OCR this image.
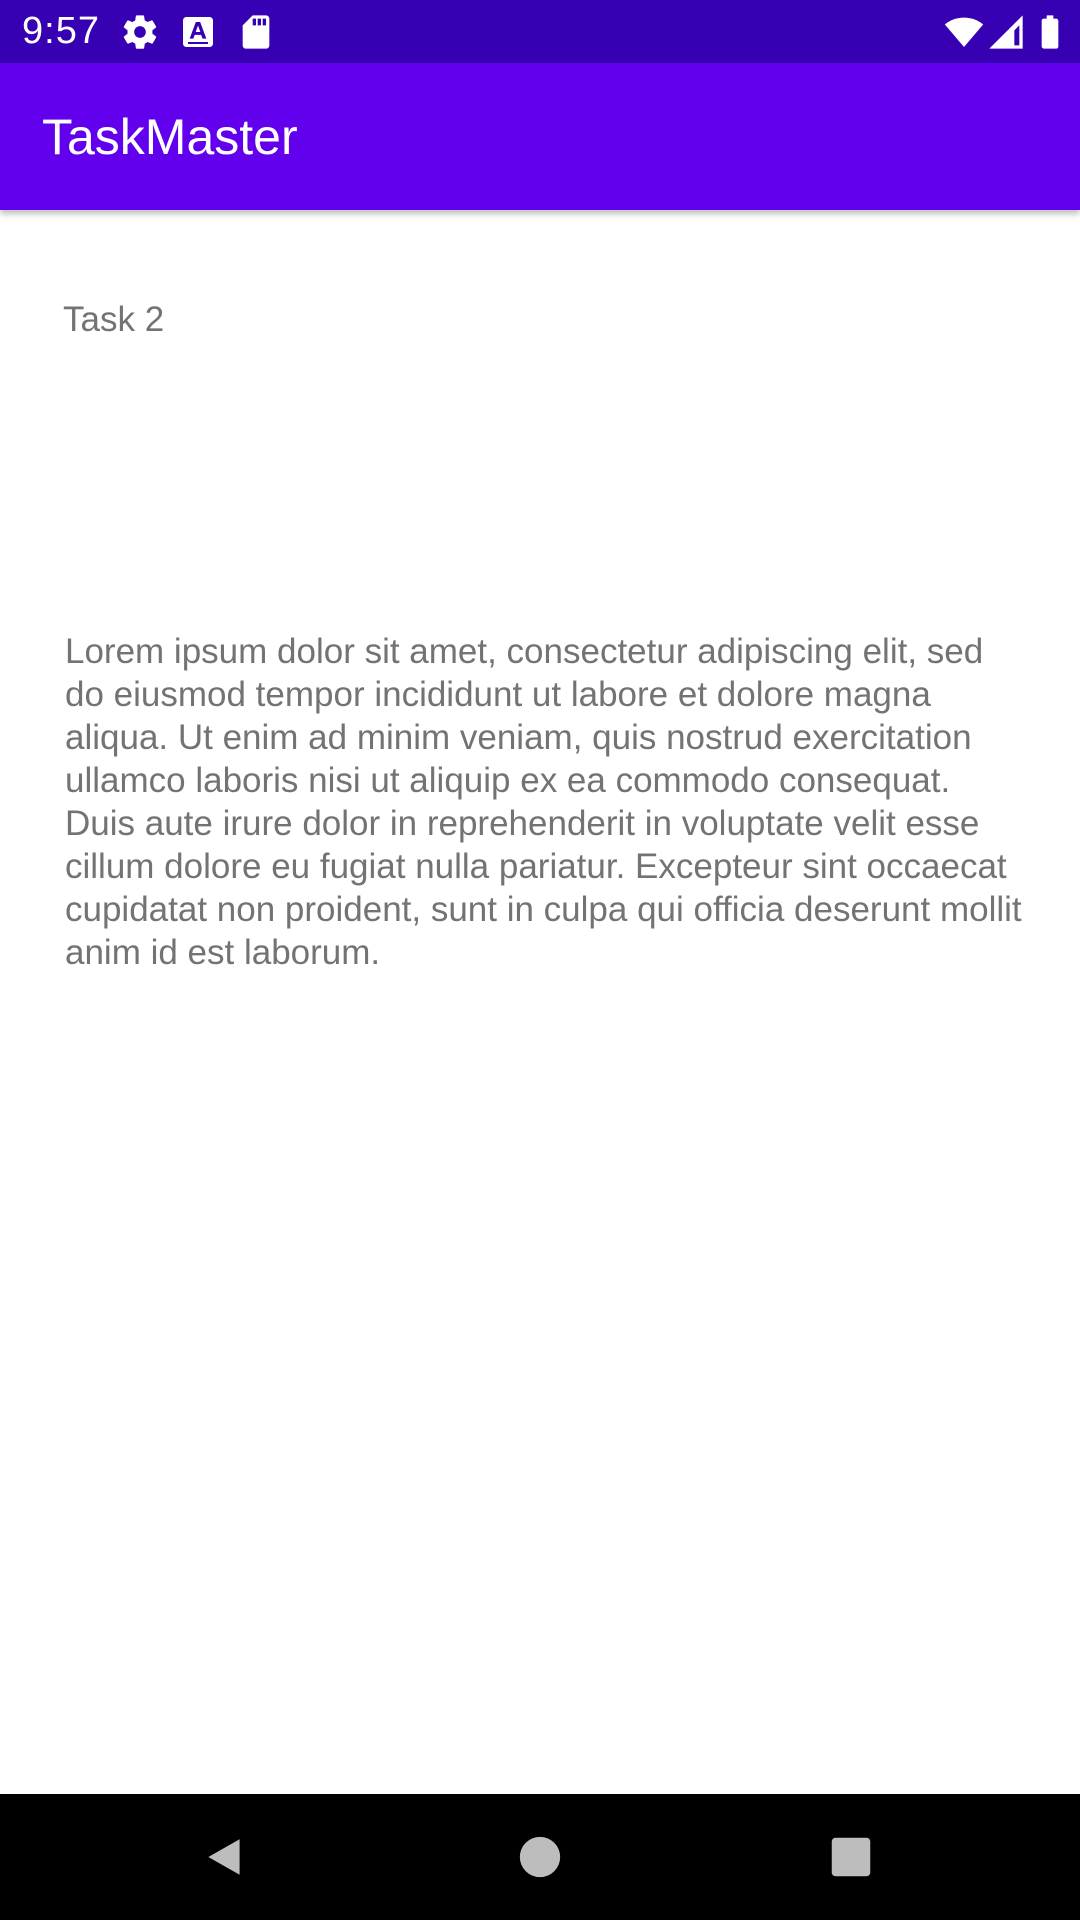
9:57
TaskMaster
Task 2
Lorem ipsum dolor sit amet, consectetur adipiscing elit, sed do eiusmod tempor incididunt ut labore et dolore magna aliqua. Ut enim ad minim veniam, quis nostrud exercitation ullamco laboris nisi ut aliquip ex ea commodo consequat. Duis aute irure dolor in reprehenderit in voluptate velit esse cillum dolore eu fugiat nulla pariatur. Excepteur sint occaecat cupidatat non proident, sunt in culpa qui officia deserunt mollit anim id est laborum.
